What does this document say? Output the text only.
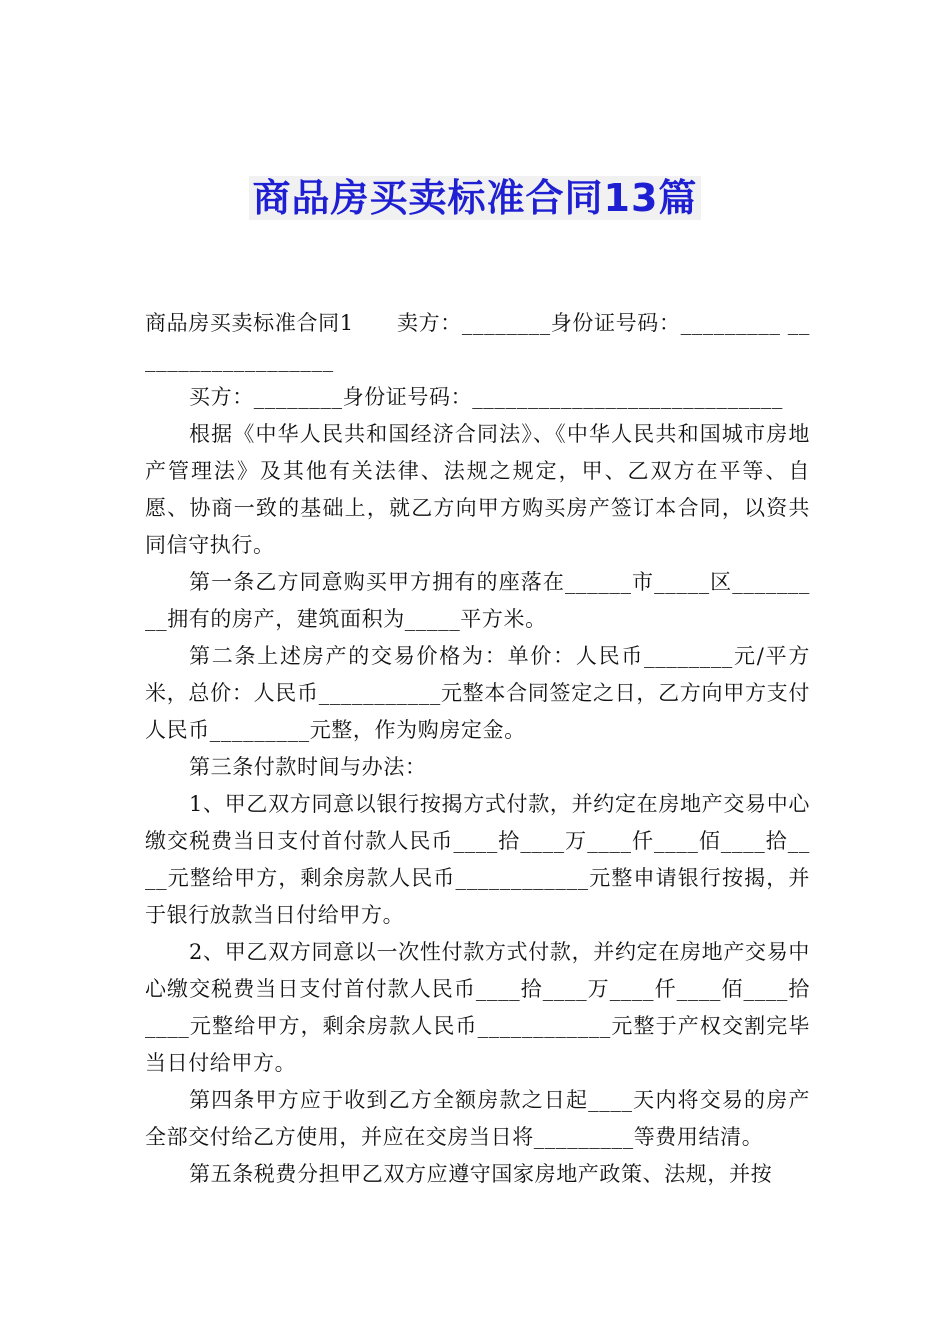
商品房买卖标准合同13篇

商品房买卖标准合同1　　卖方：________身份证号码：_________ ___________________

买方：________身份证号码：____________________________

根据《中华人民共和国经济合同法》、《中华人民共和国城市房地产管理法》及其他有关法律、法规之规定，甲、乙双方在平等、自愿、协商一致的基础上，就乙方向甲方购买房产签订本合同，以资共同信守执行。

第一条乙方同意购买甲方拥有的座落在______市_____区_________拥有的房产，建筑面积为_____平方米。

第二条上述房产的交易价格为：单价：人民币________元/平方米，总价：人民币___________元整本合同签定之日，乙方向甲方支付人民币_________元整，作为购房定金。

第三条付款时间与办法：

1、甲乙双方同意以银行按揭方式付款，并约定在房地产交易中心缴交税费当日支付首付款人民币____拾____万____仟____佰____拾____元整给甲方，剩余房款人民币____________元整申请银行按揭，并于银行放款当日付给甲方。

2、甲乙双方同意以一次性付款方式付款，并约定在房地产交易中心缴交税费当日支付首付款人民币____拾____万____仟____佰____拾____元整给甲方，剩余房款人民币____________元整于产权交割完毕当日付给甲方。

第四条甲方应于收到乙方全额房款之日起____天内将交易的房产全部交付给乙方使用，并应在交房当日将_________等费用结清。

第五条税费分担甲乙双方应遵守国家房地产政策、法规，并按
